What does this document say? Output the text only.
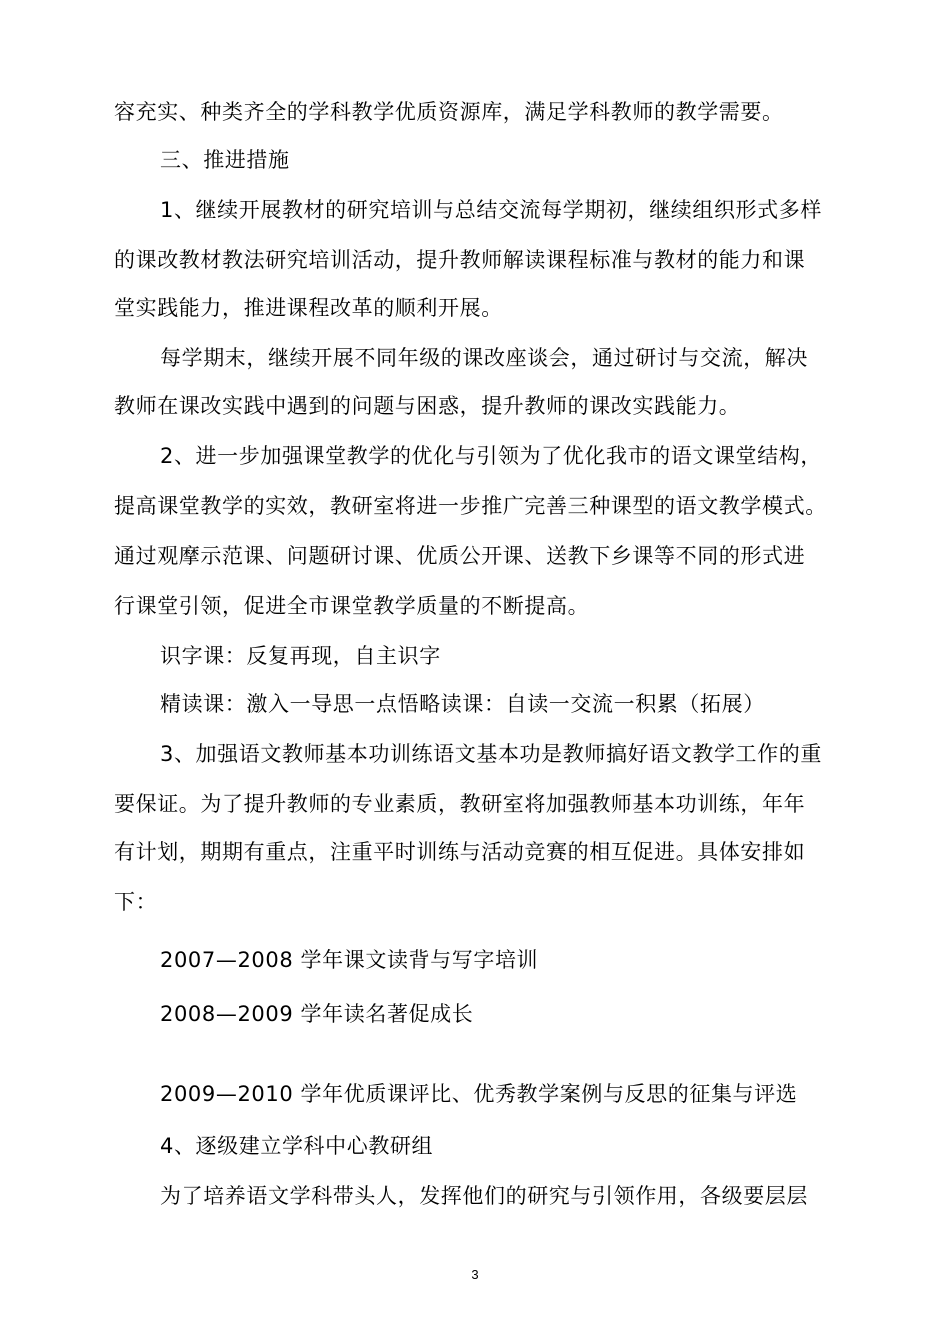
容充实、种类齐全的学科教学优质资源库，满足学科教师的教学需要。
三、推进措施
1、继续开展教材的研究培训与总结交流每学期初，继续组织形式多样
的课改教材教法研究培训活动，提升教师解读课程标准与教材的能力和课
堂实践能力，推进课程改革的顺利开展。
每学期末，继续开展不同年级的课改座谈会，通过研讨与交流，解决
教师在课改实践中遇到的问题与困惑，提升教师的课改实践能力。
2、进一步加强课堂教学的优化与引领为了优化我市的语文课堂结构，
提高课堂教学的实效，教研室将进一步推广完善三种课型的语文教学模式。
通过观摩示范课、问题研讨课、优质公开课、送教下乡课等不同的形式进
行课堂引领，促进全市课堂教学质量的不断提高。
识字课：反复再现，自主识字
精读课：激入一导思一点悟略读课：自读一交流一积累（拓展）
3、加强语文教师基本功训练语文基本功是教师搞好语文教学工作的重
要保证。为了提升教师的专业素质，教研室将加强教师基本功训练，年年
有计划，期期有重点，注重平时训练与活动竞赛的相互促进。具体安排如
下：
2007—2008 学年课文读背与写字培训
2008—2009 学年读名著促成长
2009—2010 学年优质课评比、优秀教学案例与反思的征集与评选
4、逐级建立学科中心教研组
为了培养语文学科带头人，发挥他们的研究与引领作用，各级要层层
3
